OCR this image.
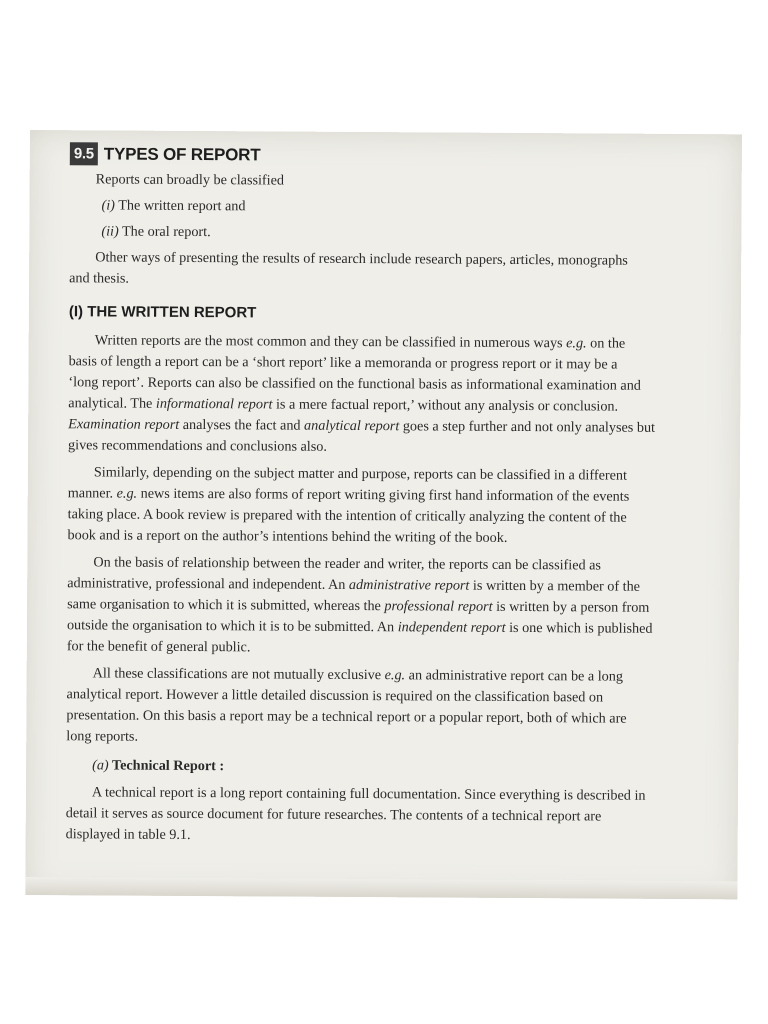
9.5 TYPES OF REPORT

Reports can broadly be classified

(i) The written report and
(ii) The oral report.
Other ways of presenting the results of research include research papers, articles, monographs
and thesis.
(I) THE WRITTEN REPORT
Written reports are the most common and they can be classified in numerous ways e.g. on the
basis of length a report can be a ‘short report’ like a memoranda or progress report or it may be a
‘long report’. Reports can also be classified on the functional basis as informational examination and
analytical. The informational report is a mere factual report,’ without any analysis or conclusion.
Examination report analyses the fact and analytical report goes a step further and not only analyses but
gives recommendations and conclusions also.
Similarly, depending on the subject matter and purpose, reports can be classified in a different
manner. e.g. news items are also forms of report writing giving first hand information of the events
taking place. A book review is prepared with the intention of critically analyzing the content of the
book and is a report on the author’s intentions behind the writing of the book.
On the basis of relationship between the reader and writer, the reports can be classified as
administrative, professional and independent. An administrative report is written by a member of the
same organisation to which it is submitted, whereas the professional report is written by a person from
outside the organisation to which it is to be submitted. An independent report is one which is published
for the benefit of general public.
All these classifications are not mutually exclusive e.g. an administrative report can be a long
analytical report. However a little detailed discussion is required on the classification based on
presentation. On this basis a report may be a technical report or a popular report, both of which are
long reports.
(a) Technical Report :
A technical report is a long report containing full documentation. Since everything is described in
detail it serves as source document for future researches. The contents of a technical report are
displayed in table 9.1.
